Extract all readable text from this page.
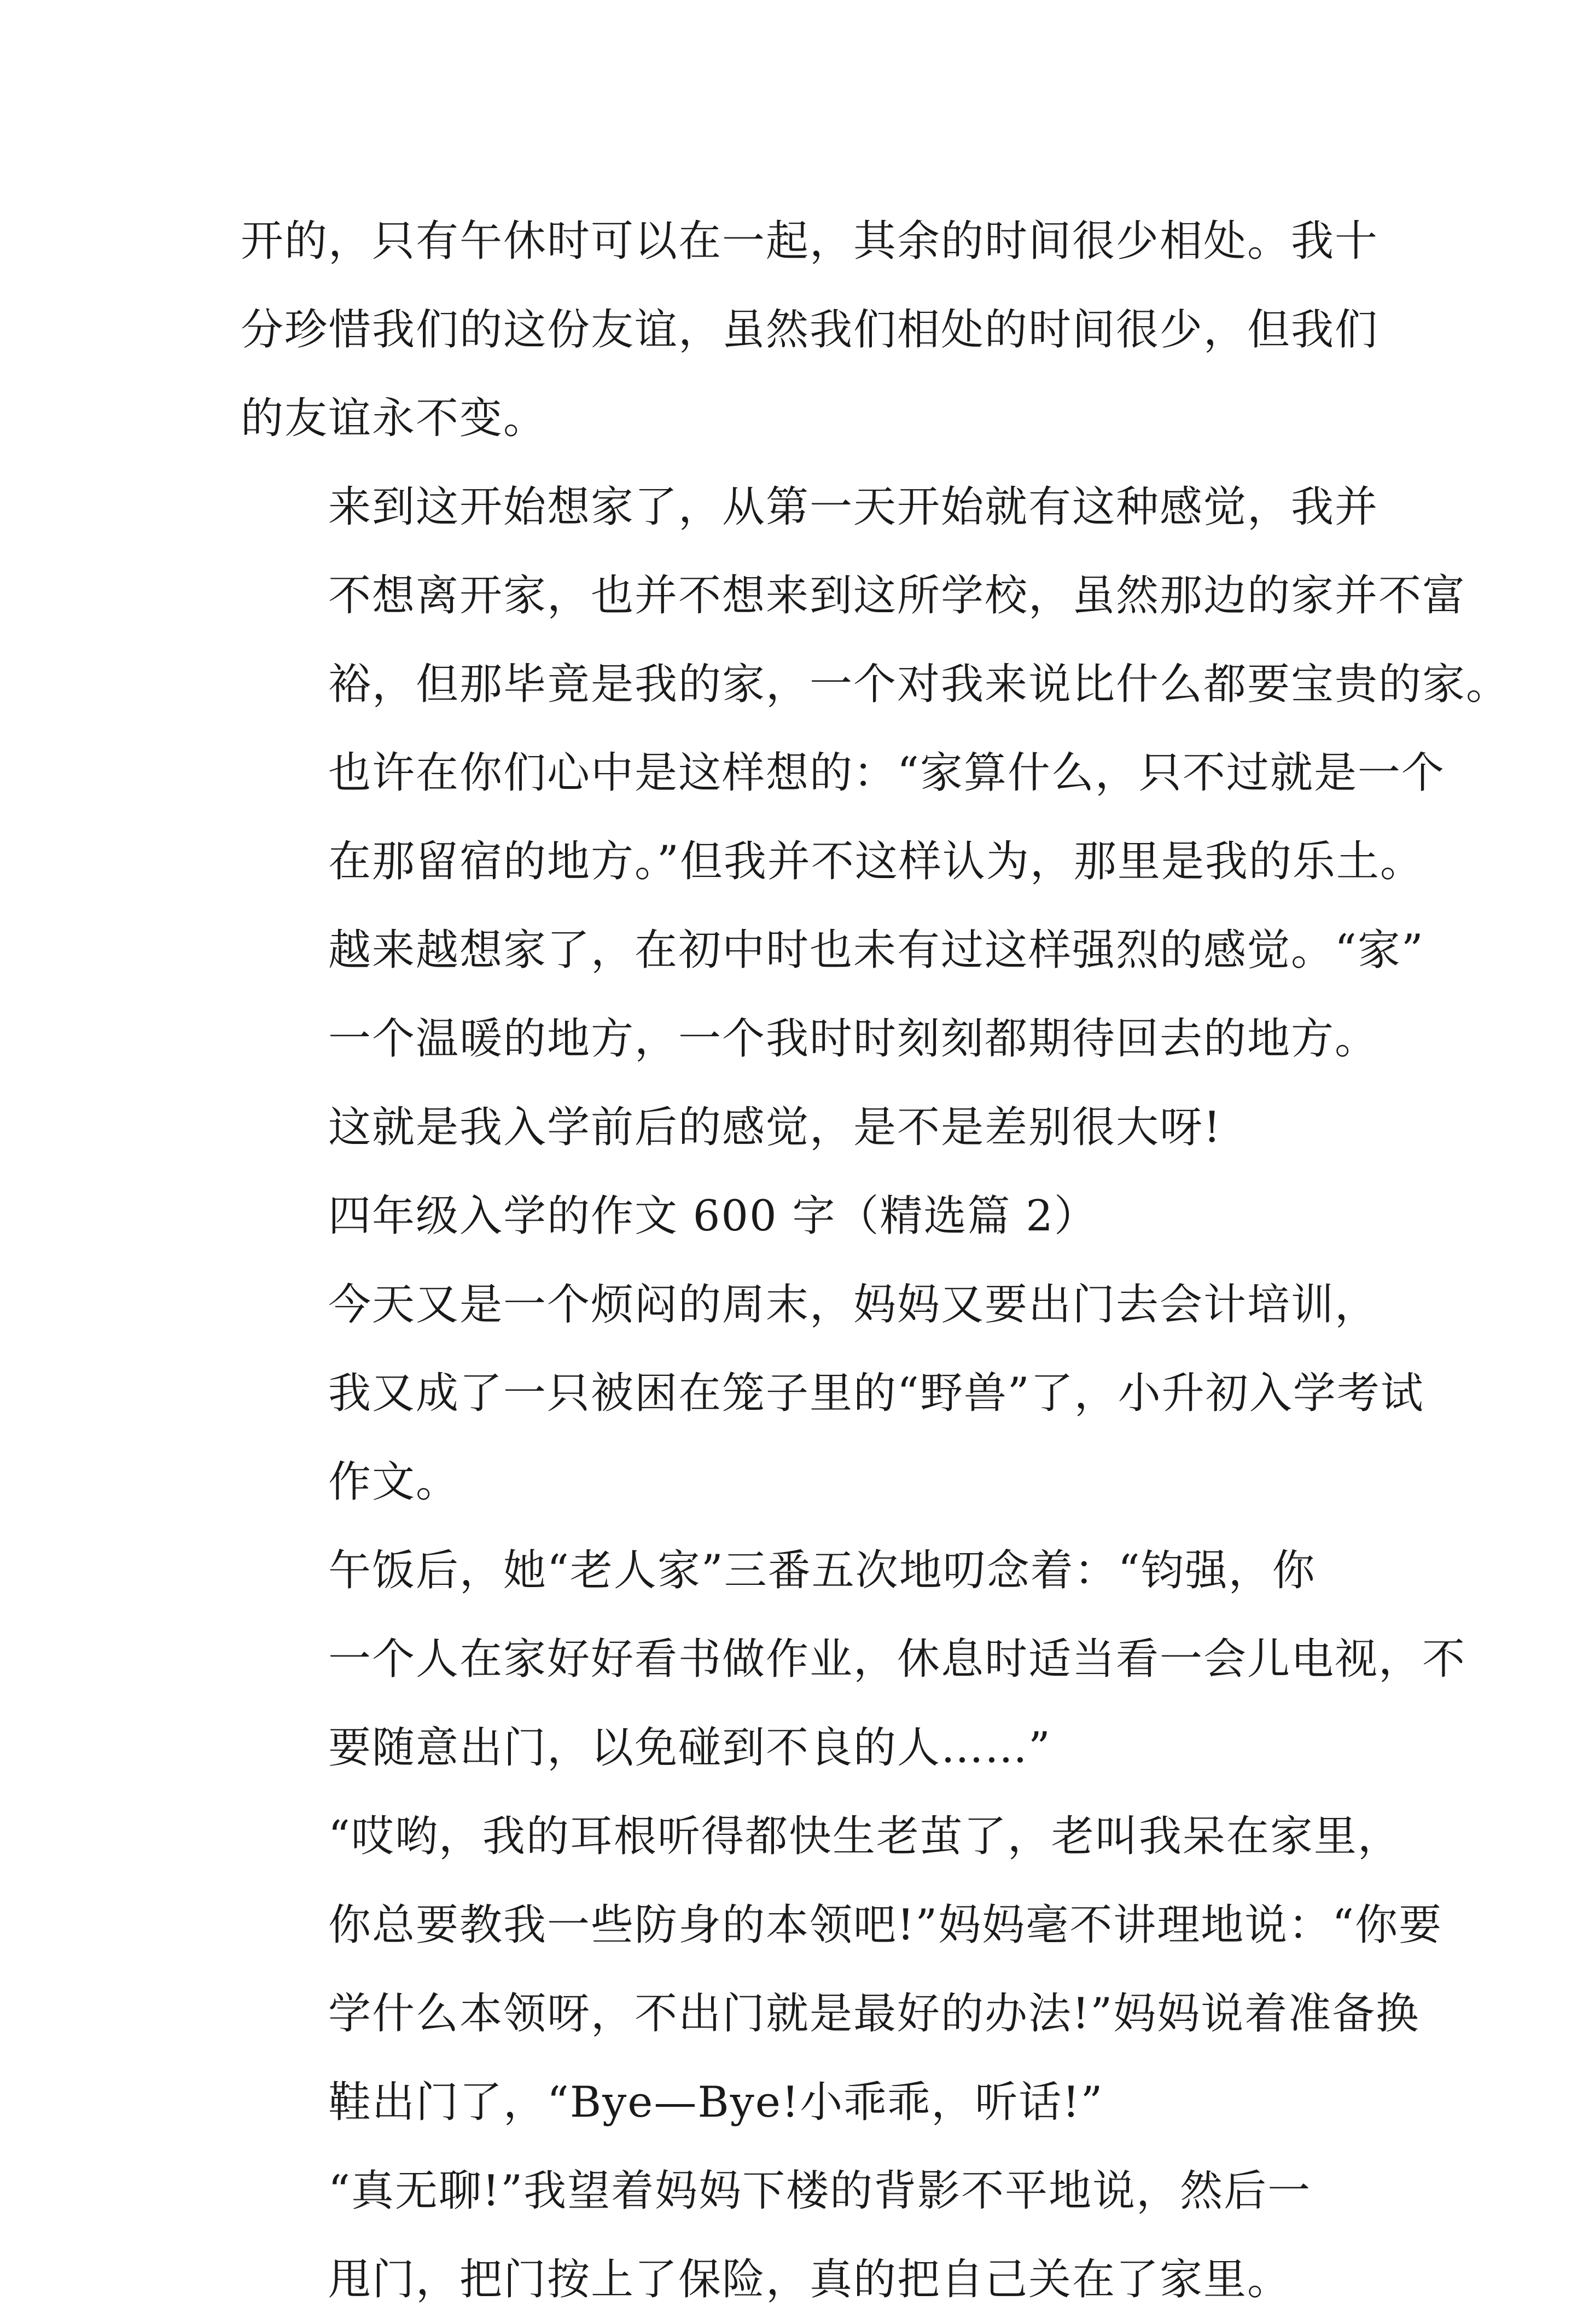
开的，只有午休时可以在一起，其余的时间很少相处。我十
分珍惜我们的这份友谊，虽然我们相处的时间很少，但我们
的友谊永不变。

来到这开始想家了，从第一天开始就有这种感觉，我并
不想离开家，也并不想来到这所学校，虽然那边的家并不富
裕，但那毕竟是我的家，一个对我来说比什么都要宝贵的家。
也许在你们心中是这样想的：“家算什么，只不过就是一个
在那留宿的地方。”但我并不这样认为，那里是我的乐土。
越来越想家了，在初中时也未有过这样强烈的感觉。“家”
一个温暖的地方，一个我时时刻刻都期待回去的地方。

这就是我入学前后的感觉，是不是差别很大呀!

四年级入学的作文 600 字（精选篇 2）

今天又是一个烦闷的周末，妈妈又要出门去会计培训，
我又成了一只被困在笼子里的“野兽”了，小升初入学考试
作文。

午饭后，她“老人家”三番五次地叨念着：“钧强，你
一个人在家好好看书做作业，休息时适当看一会儿电视，不
要随意出门，以免碰到不良的人……”

“哎哟，我的耳根听得都快生老茧了，老叫我呆在家里，
你总要教我一些防身的本领吧!”妈妈毫不讲理地说：“你要
学什么本领呀，不出门就是最好的办法!”妈妈说着准备换
鞋出门了，“Bye—Bye!小乖乖，听话!”

“真无聊!”我望着妈妈下楼的背影不平地说，然后一
甩门，把门按上了保险，真的把自己关在了家里。
